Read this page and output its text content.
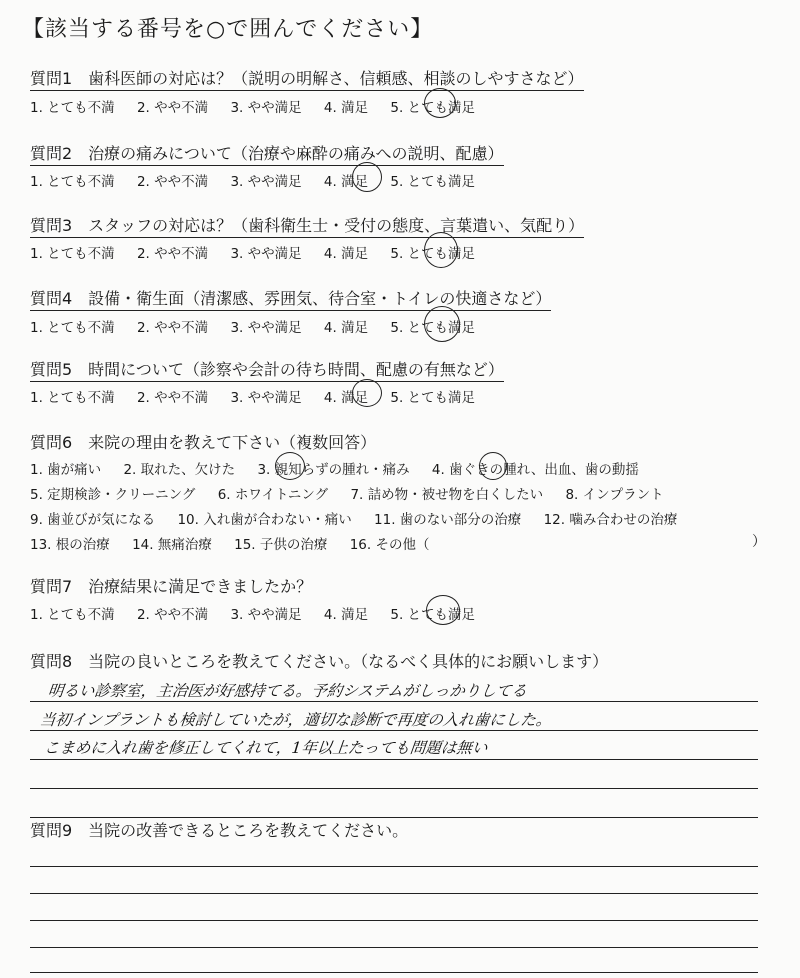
【該当する番号を○で囲んでください】
質問1　歯科医師の対応は？（説明の明解さ、信頼感、相談のしやすさなど）
1. とても不満 2. やや不満 3. やや満足 4. 満足 5. とても満足
質問2　治療の痛みについて（治療や麻酔の痛みへの説明、配慮）
1. とても不満 2. やや不満 3. やや満足 4. 満足 5. とても満足
質問3　スタッフの対応は？（歯科衛生士・受付の態度、言葉遣い、気配り）
1. とても不満 2. やや不満 3. やや満足 4. 満足 5. とても満足
質問4　設備・衛生面（清潔感、雰囲気、待合室・トイレの快適さなど）
1. とても不満 2. やや不満 3. やや満足 4. 満足 5. とても満足
質問5　時間について（診察や会計の待ち時間、配慮の有無など）
1. とても不満 2. やや不満 3. やや満足 4. 満足 5. とても満足
質問6　来院の理由を教えて下さい（複数回答）
1. 歯が痛い 2. 取れた、欠けた 3. 親知らずの腫れ・痛み 4. 歯ぐきの腫れ、出血、歯の動揺
5. 定期検診・クリーニング 6. ホワイトニング 7. 詰め物・被せ物を白くしたい 8. インプラント
9. 歯並びが気になる 10. 入れ歯が合わない・痛い 11. 歯のない部分の治療 12. 噛み合わせの治療
13. 根の治療 14. 無痛治療 15. 子供の治療 16. その他（	）
質問7　治療結果に満足できましたか？
1. とても不満 2. やや不満 3. やや満足 4. 満足 5. とても満足
質問8　当院の良いところを教えてください。（なるべく具体的にお願いします）
明るい診察室，主治医が好感持てる。予約システムがしっかりしてる
当初インプラントも検討していたが，適切な診断で再度の入れ歯にした。
こまめに入れ歯を修正してくれて，1年以上たっても問題は無い
質問9　当院の改善できるところを教えてください。
